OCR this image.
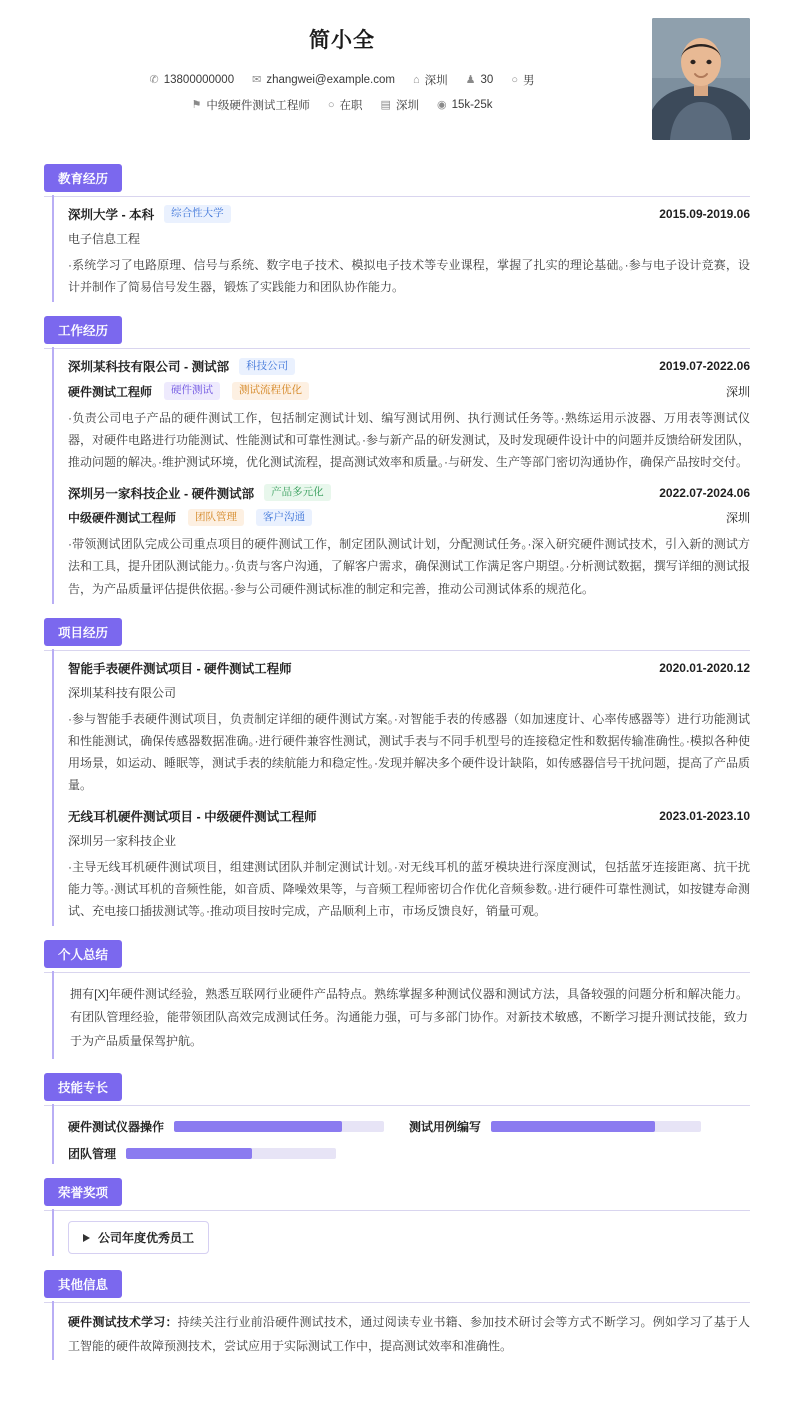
简小全
✆ 13800000000 ✉ zhangwei@example.com ⌂ 深圳 ♟ 30 ○ 男
⚑ 中级硬件测试工程师 ○ 在职 ▤ 深圳 ◉ 15k-25k
教育经历
深圳大学 - 本科	综合性大学	2015.09-2019.06
电子信息工程
·系统学习了电路原理、信号与系统、数字电子技术、模拟电子技术等专业课程，掌握了扎实的理论基础。·参与电子设计竞赛，设计并制作了简易信号发生器，锻炼了实践能力和团队协作能力。
工作经历
深圳某科技有限公司 - 测试部	科技公司	2019.07-2022.06
硬件测试工程师	硬件测试	测试流程优化	深圳
·负责公司电子产品的硬件测试工作，包括制定测试计划、编写测试用例、执行测试任务等。·熟练运用示波器、万用表等测试仪器，对硬件电路进行功能测试、性能测试和可靠性测试。·参与新产品的研发测试，及时发现硬件设计中的问题并反馈给研发团队，推动问题的解决。·维护测试环境，优化测试流程，提高测试效率和质量。·与研发、生产等部门密切沟通协作，确保产品按时交付。
深圳另一家科技企业 - 硬件测试部	产品多元化	2022.07-2024.06
中级硬件测试工程师	团队管理	客户沟通	深圳
·带领测试团队完成公司重点项目的硬件测试工作，制定团队测试计划，分配测试任务。·深入研究硬件测试技术，引入新的测试方法和工具，提升团队测试能力。·负责与客户沟通，了解客户需求，确保测试工作满足客户期望。·分析测试数据，撰写详细的测试报告，为产品质量评估提供依据。·参与公司硬件测试标准的制定和完善，推动公司测试体系的规范化。
项目经历
智能手表硬件测试项目 - 硬件测试工程师	2020.01-2020.12
深圳某科技有限公司
·参与智能手表硬件测试项目，负责制定详细的硬件测试方案。·对智能手表的传感器（如加速度计、心率传感器等）进行功能测试和性能测试，确保传感器数据准确。·进行硬件兼容性测试，测试手表与不同手机型号的连接稳定性和数据传输准确性。·模拟各种使用场景，如运动、睡眠等，测试手表的续航能力和稳定性。·发现并解决多个硬件设计缺陷，如传感器信号干扰问题，提高了产品质量。
无线耳机硬件测试项目 - 中级硬件测试工程师	2023.01-2023.10
深圳另一家科技企业
·主导无线耳机硬件测试项目，组建测试团队并制定测试计划。·对无线耳机的蓝牙模块进行深度测试，包括蓝牙连接距离、抗干扰能力等。·测试耳机的音频性能，如音质、降噪效果等，与音频工程师密切合作优化音频参数。·进行硬件可靠性测试，如按键寿命测试、充电接口插拔测试等。·推动项目按时完成，产品顺利上市，市场反馈良好，销量可观。
个人总结
拥有[X]年硬件测试经验，熟悉互联网行业硬件产品特点。熟练掌握多种测试仪器和测试方法，具备较强的问题分析和解决能力。有团队管理经验，能带领团队高效完成测试任务。沟通能力强，可与多部门协作。对新技术敏感，不断学习提升测试技能，致力于为产品质量保驾护航。
技能专长
硬件测试仪器操作	测试用例编写
团队管理
荣誉奖项
公司年度优秀员工
其他信息
硬件测试技术学习：持续关注行业前沿硬件测试技术，通过阅读专业书籍、参加技术研讨会等方式不断学习。例如学习了基于人工智能的硬件故障预测技术，尝试应用于实际测试工作中，提高测试效率和准确性。
